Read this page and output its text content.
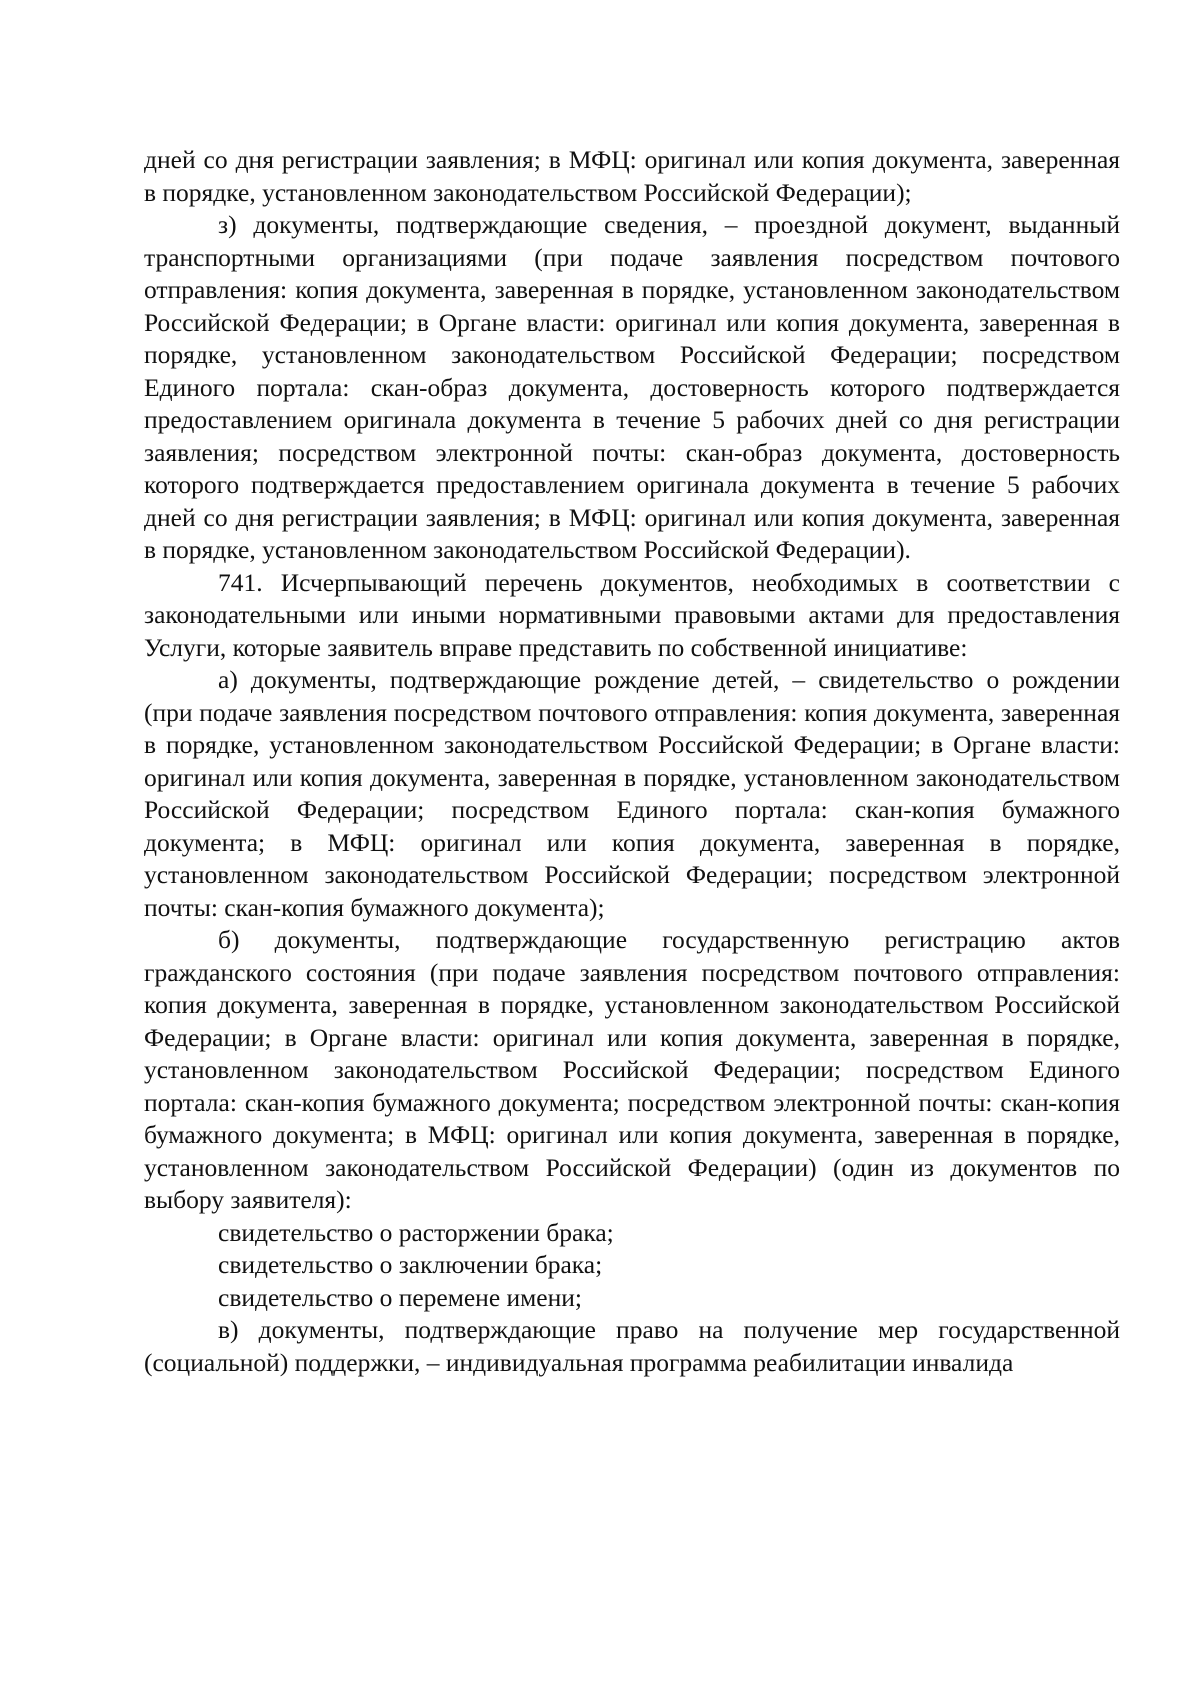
дней со дня регистрации заявления; в МФЦ: оригинал или копия документа, заверенная в порядке, установленном законодательством Российской Федерации);

з) документы, подтверждающие сведения, – проездной документ, выданный транспортными организациями (при подаче заявления посредством почтового отправления: копия документа, заверенная в порядке, установленном законодательством Российской Федерации; в Органе власти: оригинал или копия документа, заверенная в порядке, установленном законодательством Российской Федерации; посредством Единого портала: скан-образ документа, достоверность которого подтверждается предоставлением оригинала документа в течение 5 рабочих дней со дня регистрации заявления; посредством электронной почты: скан-образ документа, достоверность которого подтверждается предоставлением оригинала документа в течение 5 рабочих дней со дня регистрации заявления; в МФЦ: оригинал или копия документа, заверенная в порядке, установленном законодательством Российской Федерации).

741. Исчерпывающий перечень документов, необходимых в соответствии с законодательными или иными нормативными правовыми актами для предоставления Услуги, которые заявитель вправе представить по собственной инициативе:

а) документы, подтверждающие рождение детей, – свидетельство о рождении (при подаче заявления посредством почтового отправления: копия документа, заверенная в порядке, установленном законодательством Российской Федерации; в Органе власти: оригинал или копия документа, заверенная в порядке, установленном законодательством Российской Федерации; посредством Единого портала: скан-копия бумажного документа; в МФЦ: оригинал или копия документа, заверенная в порядке, установленном законодательством Российской Федерации; посредством электронной почты: скан-копия бумажного документа);

б) документы, подтверждающие государственную регистрацию актов гражданского состояния (при подаче заявления посредством почтового отправления: копия документа, заверенная в порядке, установленном законодательством Российской Федерации; в Органе власти: оригинал или копия документа, заверенная в порядке, установленном законодательством Российской Федерации; посредством Единого портала: скан-копия бумажного документа; посредством электронной почты: скан-копия бумажного документа; в МФЦ: оригинал или копия документа, заверенная в порядке, установленном законодательством Российской Федерации) (один из документов по выбору заявителя):

свидетельство о расторжении брака;

свидетельство о заключении брака;

свидетельство о перемене имени;

в) документы, подтверждающие право на получение мер государственной (социальной) поддержки, – индивидуальная программа реабилитации инвалида
